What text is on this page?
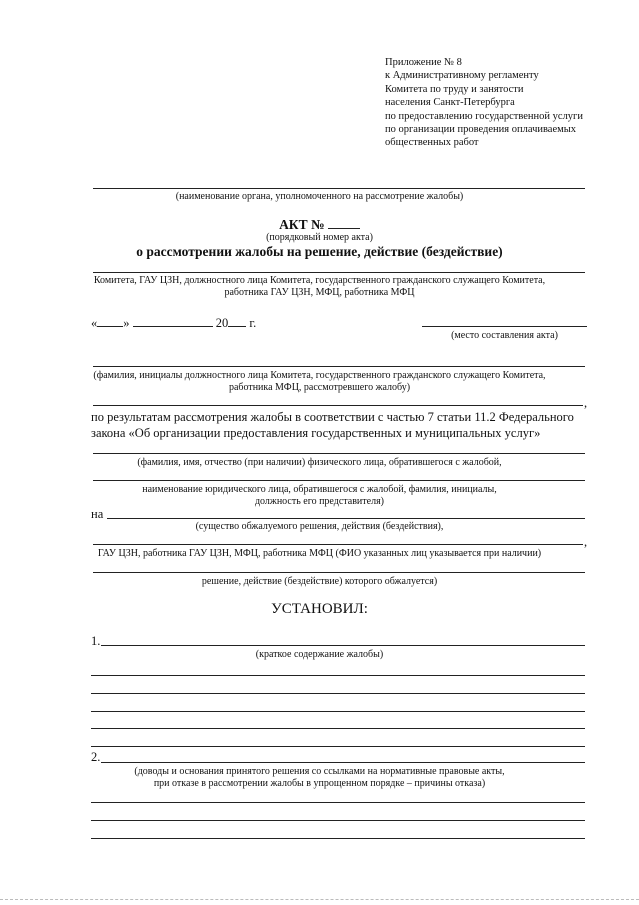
Приложение № 8
к Административному регламенту
Комитета по труду и занятости
населения Санкт-Петербурга
по предоставлению государственной услуги
по организации проведения оплачиваемых
общественных работ
(наименование органа, уполномоченного на рассмотрение жалобы)
АКТ №
(порядковый номер акта)
о рассмотрении жалобы на решение, действие (бездействие)
Комитета, ГАУ ЦЗН, должностного лица Комитета, государственного гражданского служащего Комитета,
работника ГАУ ЦЗН, МФЦ, работника МФЦ
« »	20 г.
(место составления акта)
(фамилия, инициалы должностного лица Комитета, государственного гражданского служащего Комитета,
работника МФЦ, рассмотревшего жалобу)
,
по результатам рассмотрения жалобы в соответствии с частью 7 статьи 11.2 Федерального
закона «Об организации предоставления государственных и муниципальных услуг»
(фамилия, имя, отчество (при наличии) физического лица, обратившегося с жалобой,
наименование юридического лица, обратившегося с жалобой, фамилия, инициалы,
должность его представителя)
на
(существо обжалуемого решения, действия (бездействия),
,
ГАУ ЦЗН, работника ГАУ ЦЗН, МФЦ, работника МФЦ (ФИО указанных лиц указывается при наличии)
решение, действие (бездействие) которого обжалуется)
УСТАНОВИЛ:
1.
(краткое содержание жалобы)
2.
(доводы и основания принятого решения со ссылками на нормативные правовые акты,
при отказе в рассмотрении жалобы в упрощенном порядке – причины отказа)
